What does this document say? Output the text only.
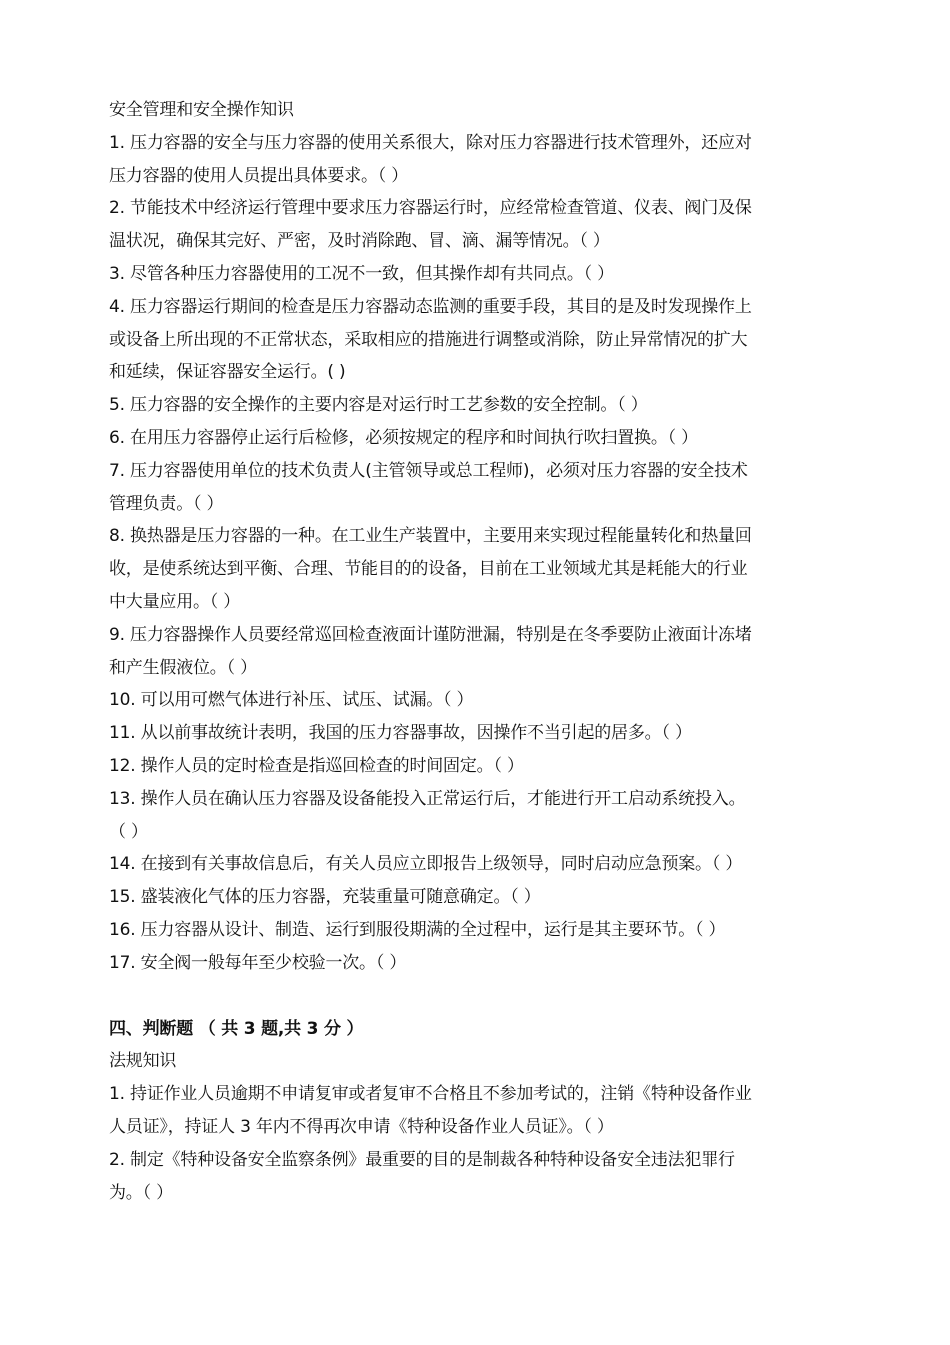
安全管理和安全操作知识
1. 压力容器的安全与压力容器的使用关系很大，除对压力容器进行技术管理外，还应对
压力容器的使用人员提出具体要求。（ ）
2. 节能技术中经济运行管理中要求压力容器运行时，应经常检查管道、仪表、阀门及保
温状况，确保其完好、严密，及时消除跑、冒、滴、漏等情况。（ ）
3. 尽管各种压力容器使用的工况不一致，但其操作却有共同点。（ ）
4. 压力容器运行期间的检查是压力容器动态监测的重要手段，其目的是及时发现操作上
或设备上所出现的不正常状态，采取相应的措施进行调整或消除，防止异常情况的扩大
和延续，保证容器安全运行。( )
5. 压力容器的安全操作的主要内容是对运行时工艺参数的安全控制。（ ）
6. 在用压力容器停止运行后检修，必须按规定的程序和时间执行吹扫置换。（ ）
7. 压力容器使用单位的技术负责人(主管领导或总工程师)，必须对压力容器的安全技术
管理负责。（ ）
8. 换热器是压力容器的一种。在工业生产装置中，主要用来实现过程能量转化和热量回
收，是使系统达到平衡、合理、节能目的的设备，目前在工业领域尤其是耗能大的行业
中大量应用。（ ）
9. 压力容器操作人员要经常巡回检查液面计谨防泄漏，特别是在冬季要防止液面计冻堵
和产生假液位。（ ）
10. 可以用可燃气体进行补压、试压、试漏。（ ）
11. 从以前事故统计表明，我国的压力容器事故，因操作不当引起的居多。（ ）
12. 操作人员的定时检查是指巡回检查的时间固定。（ ）
13. 操作人员在确认压力容器及设备能投入正常运行后，才能进行开工启动系统投入。
（ ）
14. 在接到有关事故信息后，有关人员应立即报告上级领导，同时启动应急预案。（ ）
15. 盛装液化气体的压力容器，充装重量可随意确定。（ ）
16. 压力容器从设计、制造、运行到服役期满的全过程中，运行是其主要环节。（ ）
17. 安全阀一般每年至少校验一次。（ ）
四、判断题 （ 共 3 题,共 3 分 ）
法规知识
1. 持证作业人员逾期不申请复审或者复审不合格且不参加考试的，注销《特种设备作业
人员证》，持证人 3 年内不得再次申请《特种设备作业人员证》。（ ）
2. 制定《特种设备安全监察条例》最重要的目的是制裁各种特种设备安全违法犯罪行
为。（ ）
